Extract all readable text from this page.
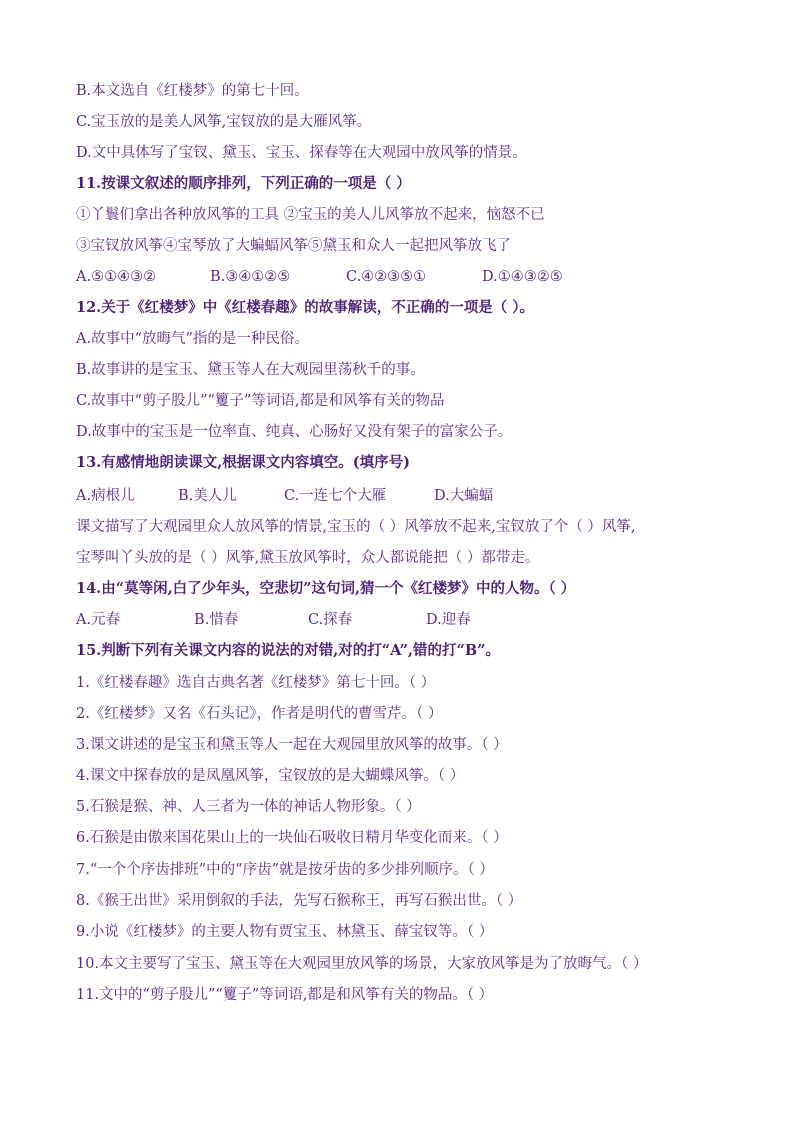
B.本文选自《红楼梦》的第七十回。
C.宝玉放的是美人风筝,宝钗放的是大雁风筝。
D.文中具体写了宝钗、黛玉、宝玉、探春等在大观园中放风筝的情景。
11.按课文叙述的顺序排列，下列正确的一项是（ ）
①丫鬟们拿出各种放风筝的工具 ②宝玉的美人儿风筝放不起来，恼怒不已
③宝钗放风筝④宝琴放了大蝙蝠风筝⑤黛玉和众人一起把风筝放飞了
A.⑤①④③②	B.③④①②⑤	C.④②③⑤①	D.①④③②⑤
12.关于《红楼梦》中《红楼春趣》的故事解读，不正确的一项是（ ）。
A.故事中“放晦气”指的是一种民俗。
B.故事讲的是宝玉、黛玉等人在大观园里荡秋千的事。
C.故事中“剪子股儿”“籰子”等词语,都是和风筝有关的物品
D.故事中的宝玉是一位率直、纯真、心肠好又没有架子的富家公子。
13.有感情地朗读课文,根据课文内容填空。(填序号)
A.病根儿	B.美人儿	C.一连七个大雁	D.大蝙蝠
课文描写了大观园里众人放风筝的情景,宝玉的（ ）风筝放不起来,宝钗放了个（ ）风筝,
宝琴叫丫头放的是（ ）风筝,黛玉放风筝时，众人都说能把（ ）都带走。
14.由“莫等闲,白了少年头，空悲切”这句词,猜一个《红楼梦》中的人物。（ ）
A.元春	B.惜春	C.探春	D.迎春
15.判断下列有关课文内容的说法的对错,对的打“A”,错的打“B”。
1.《红楼春趣》选自古典名著《红楼梦》第七十回。（ ）
2.《红楼梦》又名《石头记》，作者是明代的曹雪芹。（ ）
3.课文讲述的是宝玉和黛玉等人一起在大观园里放风筝的故事。（ ）
4.课文中探春放的是凤凰风筝，宝钗放的是大蝴蝶风筝。（ ）
5.石猴是猴、神、人三者为一体的神话人物形象。（ ）
6.石猴是由傲来国花果山上的一块仙石吸收日精月华变化而来。（ ）
7.“一个个序齿排班”中的“序齿”就是按牙齿的多少排列顺序。（ ）
8.《猴王出世》采用倒叙的手法，先写石猴称王，再写石猴出世。（ ）
9.小说《红楼梦》的主要人物有贾宝玉、林黛玉、薛宝钗等。（ ）
10.本文主要写了宝玉、黛玉等在大观园里放风筝的场景，大家放风筝是为了放晦气。（ ）
11.文中的“剪子股儿”“籰子”等词语,都是和风筝有关的物品。（ ）
